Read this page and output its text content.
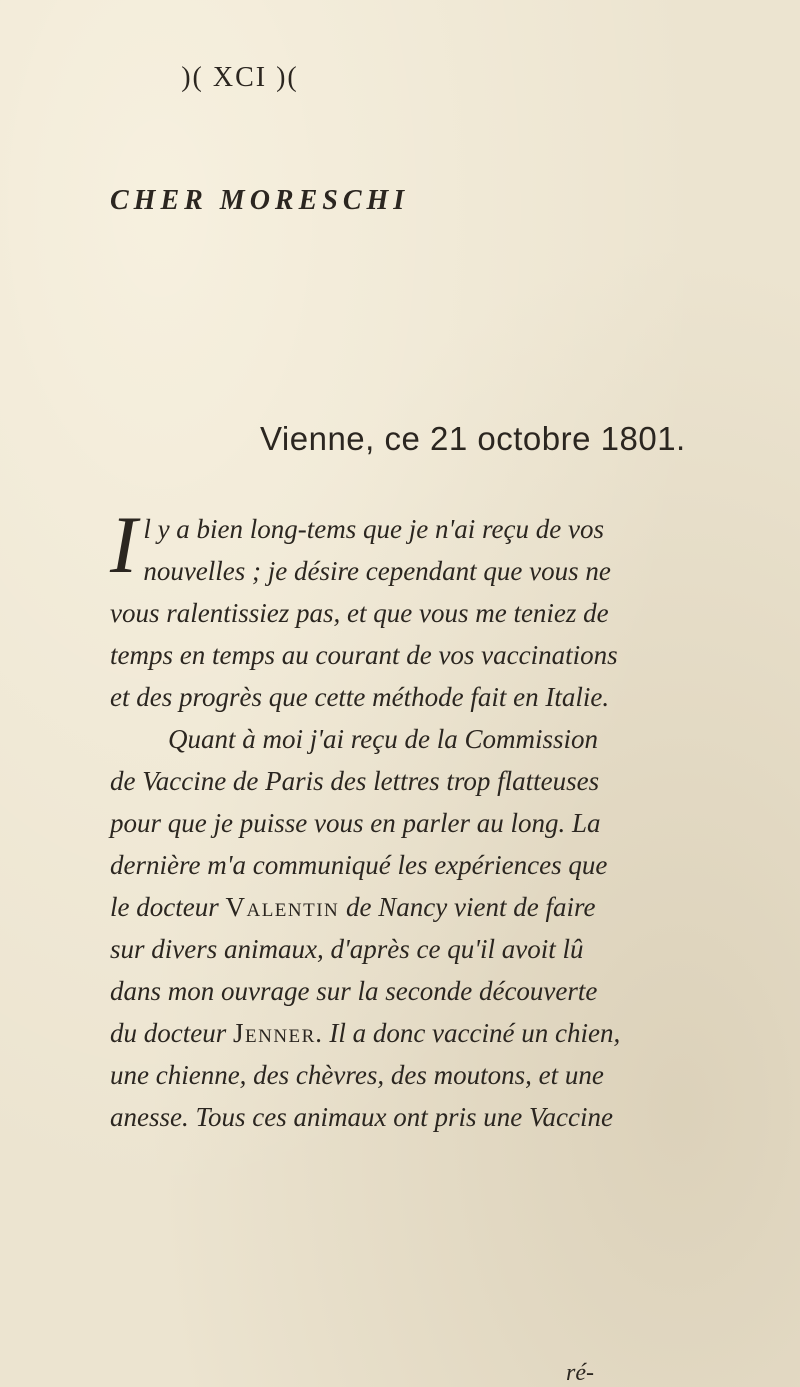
)( XCI )(
CHER MORESCHI
Vienne, ce 21 octobre 1801.

Il y a bien long-tems que je n'ai reçu de vos nouvelles ; je désire cependant que vous ne vous ralentissiez pas, et que vous me teniez de temps en temps au courant de vos vaccinations et des progrès que cette méthode fait en Italie.

Quant à moi j'ai reçu de la Commission de Vaccine de Paris des lettres trop flatteuses pour que je puisse vous en parler au long. La dernière m'a communiqué les expériences que le docteur Valentin de Nancy vient de faire sur divers animaux, d'après ce qu'il avoit lû dans mon ouvrage sur la seconde découverte du docteur Jenner. Il a donc vacciné un chien, une chienne, des chèvres, des moutons, et une anesse. Tous ces animaux ont pris une Vaccine

ré-
